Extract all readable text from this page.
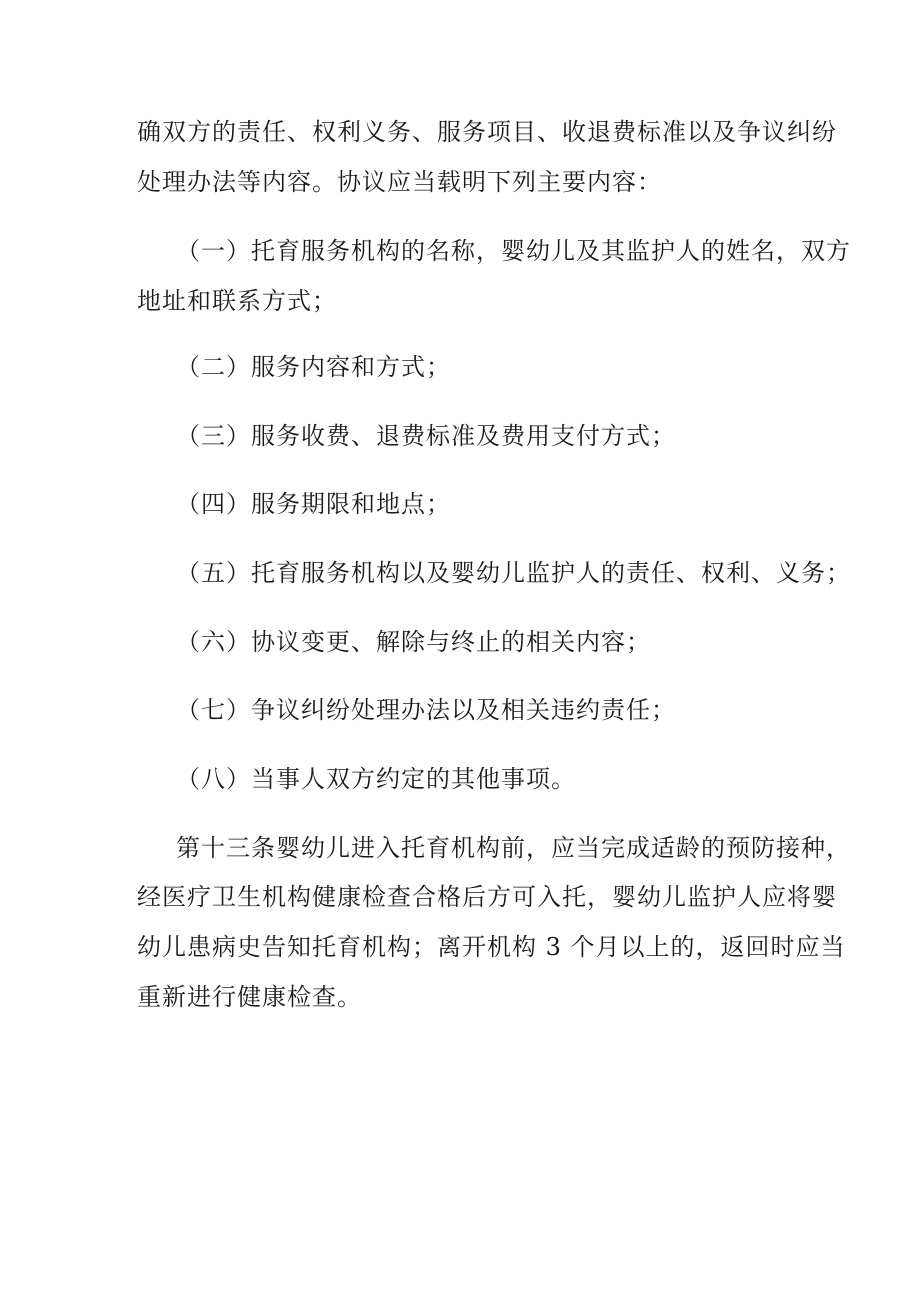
确双方的责任、权利义务、服务项目、收退费标准以及争议纠纷

处理办法等内容。协议应当载明下列主要内容：

（一）托育服务机构的名称，婴幼儿及其监护人的姓名，双方

地址和联系方式；

（二）服务内容和方式；

（三）服务收费、退费标准及费用支付方式；

（四）服务期限和地点；

（五）托育服务机构以及婴幼儿监护人的责任、权利、义务；

（六）协议变更、解除与终止的相关内容；

（七）争议纠纷处理办法以及相关违约责任；

（八）当事人双方约定的其他事项。

第十三条婴幼儿进入托育机构前，应当完成适龄的预防接种，

经医疗卫生机构健康检查合格后方可入托，婴幼儿监护人应将婴

幼儿患病史告知托育机构；离开机构 3 个月以上的，返回时应当

重新进行健康检查。
